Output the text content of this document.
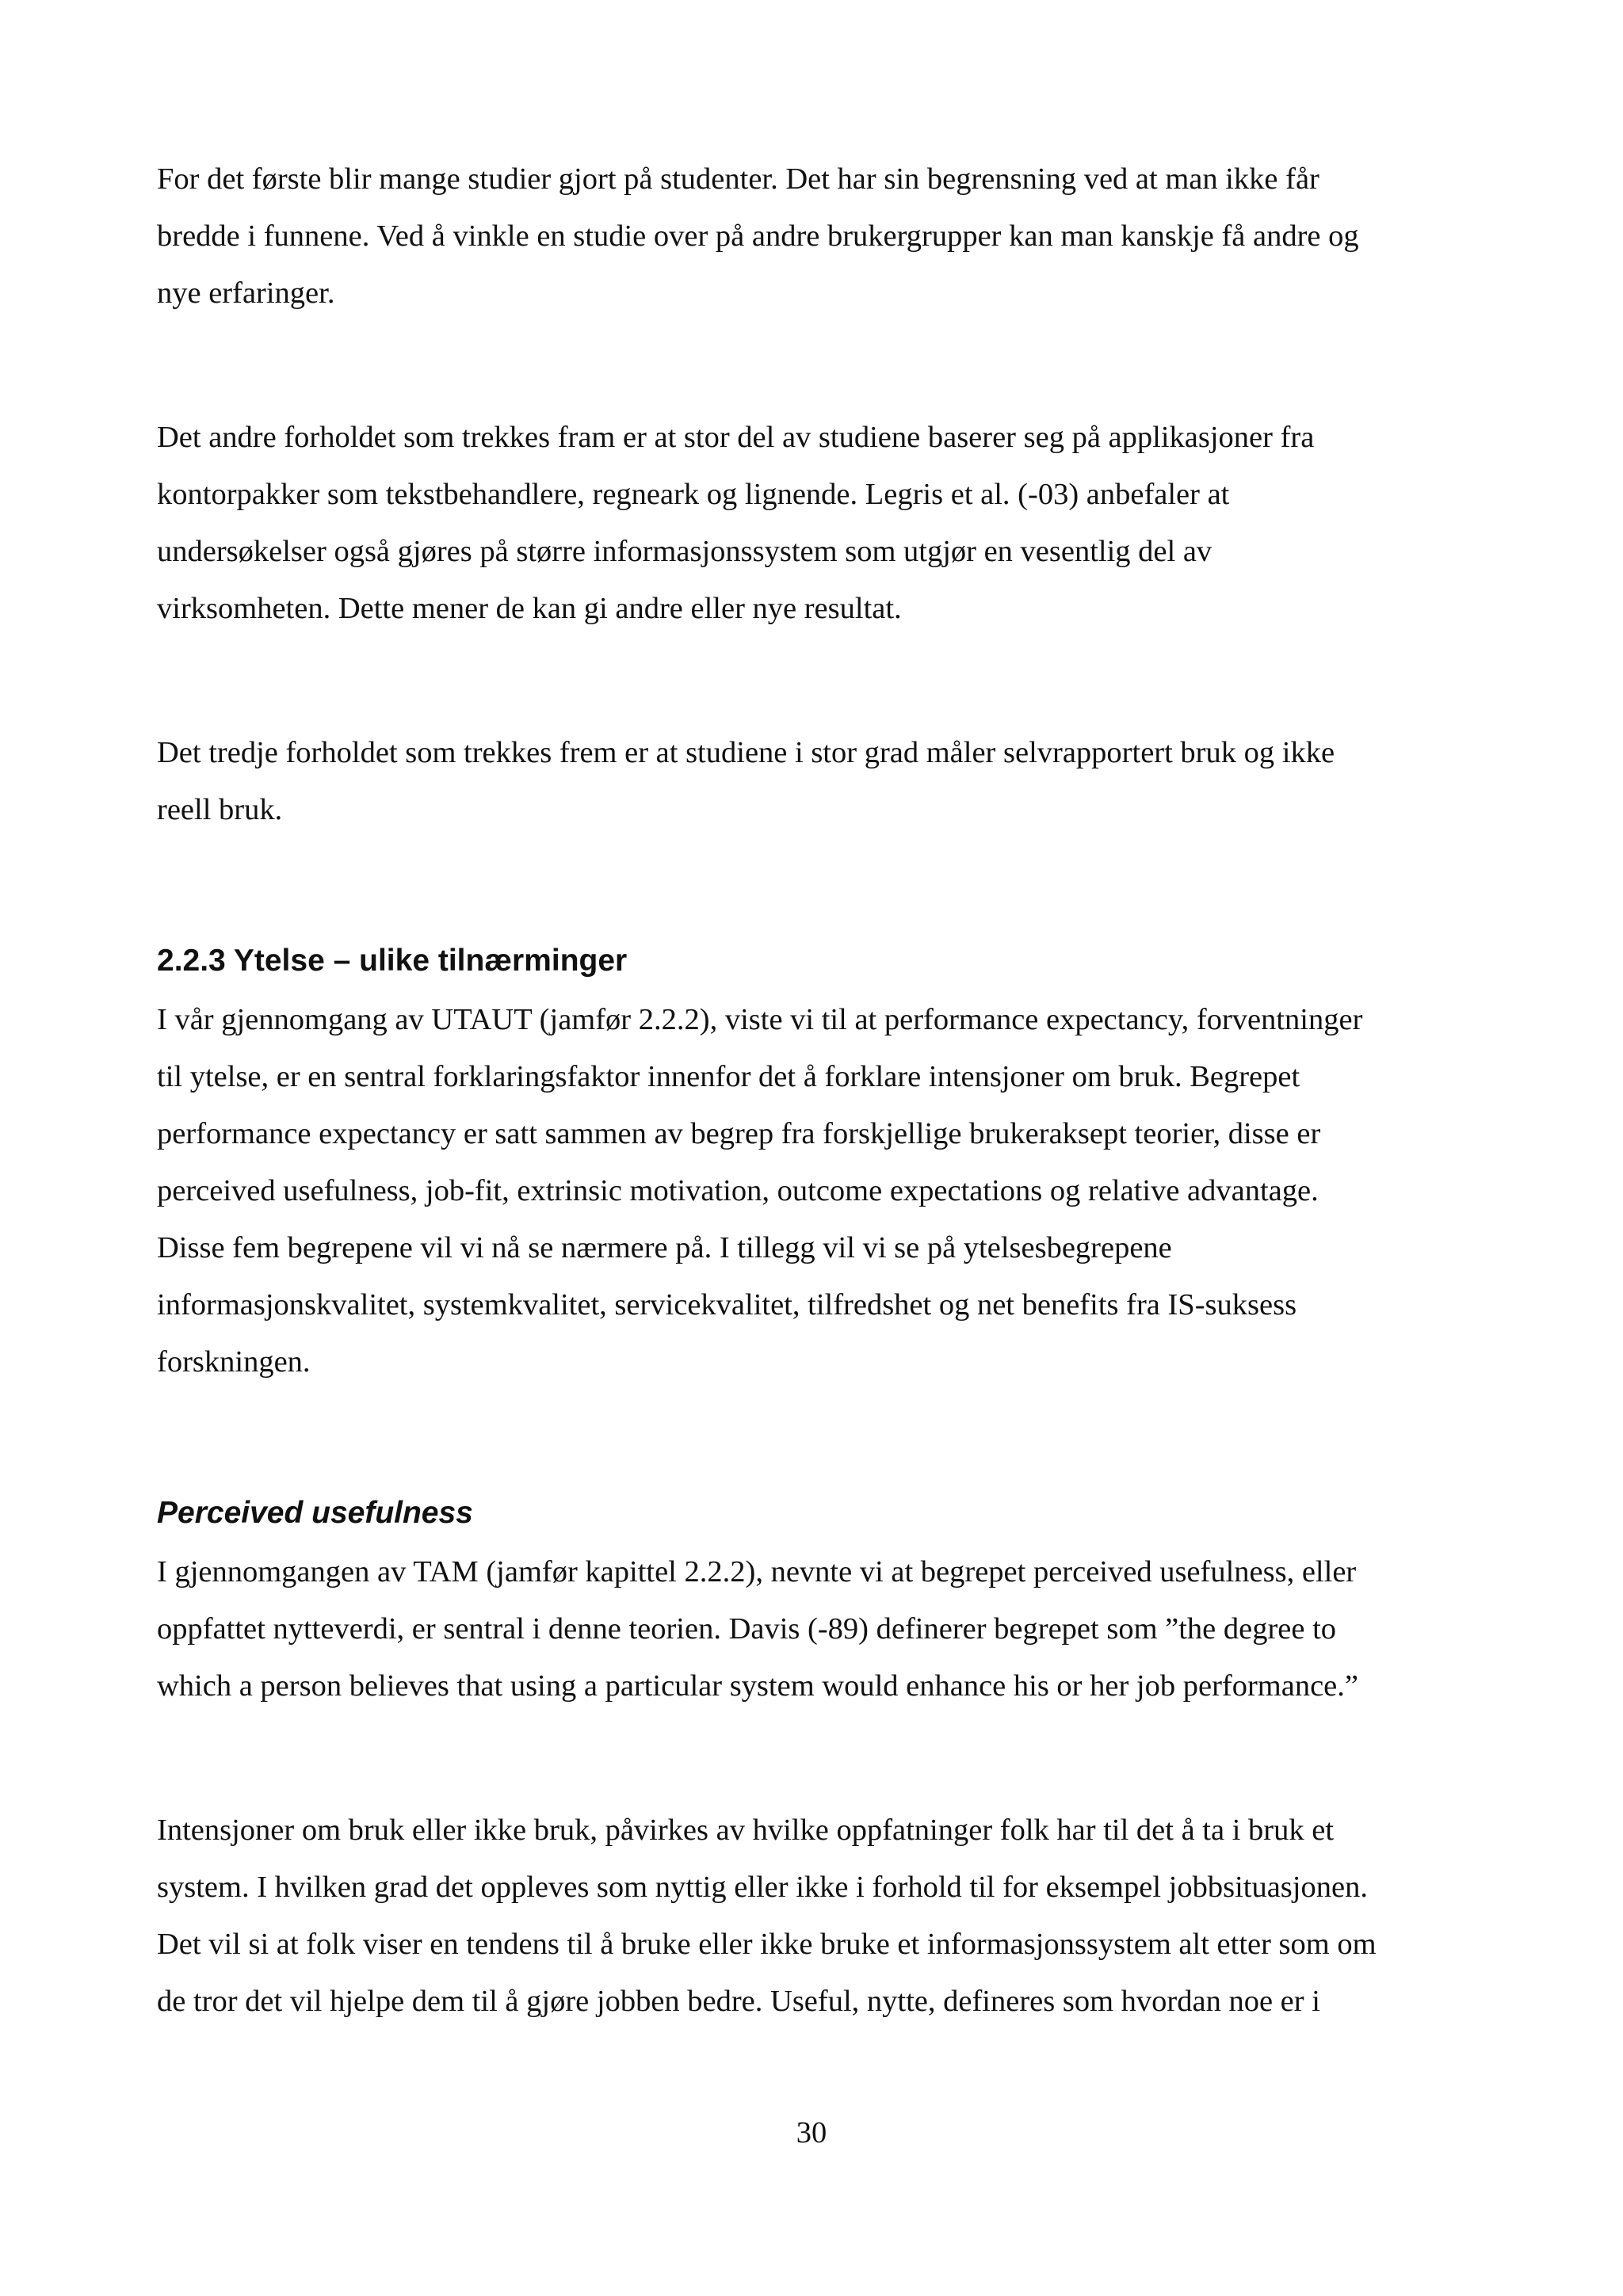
For det første blir mange studier gjort på studenter. Det har sin begrensning ved at man ikke får
bredde i funnene. Ved å vinkle en studie over på andre brukergrupper kan man kanskje få andre og
nye erfaringer.

Det andre forholdet som trekkes fram er at stor del av studiene baserer seg på applikasjoner fra
kontorpakker som tekstbehandlere, regneark og lignende. Legris et al. (-03) anbefaler at
undersøkelser også gjøres på større informasjonssystem som utgjør en vesentlig del av
virksomheten. Dette mener de kan gi andre eller nye resultat.

Det tredje forholdet som trekkes frem er at studiene i stor grad måler selvrapportert bruk og ikke
reell bruk.

2.2.3 Ytelse – ulike tilnærminger

I vår gjennomgang av UTAUT (jamfør 2.2.2), viste vi til at performance expectancy, forventninger
til ytelse, er en sentral forklaringsfaktor innenfor det å forklare intensjoner om bruk. Begrepet
performance expectancy er satt sammen av begrep fra forskjellige brukeraksept teorier, disse er
perceived usefulness, job-fit, extrinsic motivation, outcome expectations og relative advantage.
Disse fem begrepene vil vi nå se nærmere på. I tillegg vil vi se på ytelsesbegrepene
informasjonskvalitet, systemkvalitet, servicekvalitet, tilfredshet og net benefits fra IS-suksess
forskningen.

Perceived usefulness

I gjennomgangen av TAM (jamfør kapittel 2.2.2), nevnte vi at begrepet perceived usefulness, eller
oppfattet nytteverdi, er sentral i denne teorien. Davis (-89) definerer begrepet som ”the degree to
which a person believes that using a particular system would enhance his or her job performance.”

Intensjoner om bruk eller ikke bruk, påvirkes av hvilke oppfatninger folk har til det å ta i bruk et
system. I hvilken grad det oppleves som nyttig eller ikke i forhold til for eksempel jobbsituasjonen.
Det vil si at folk viser en tendens til å bruke eller ikke bruke et informasjonssystem alt etter som om
de tror det vil hjelpe dem til å gjøre jobben bedre. Useful, nytte, defineres som hvordan noe er i

30
